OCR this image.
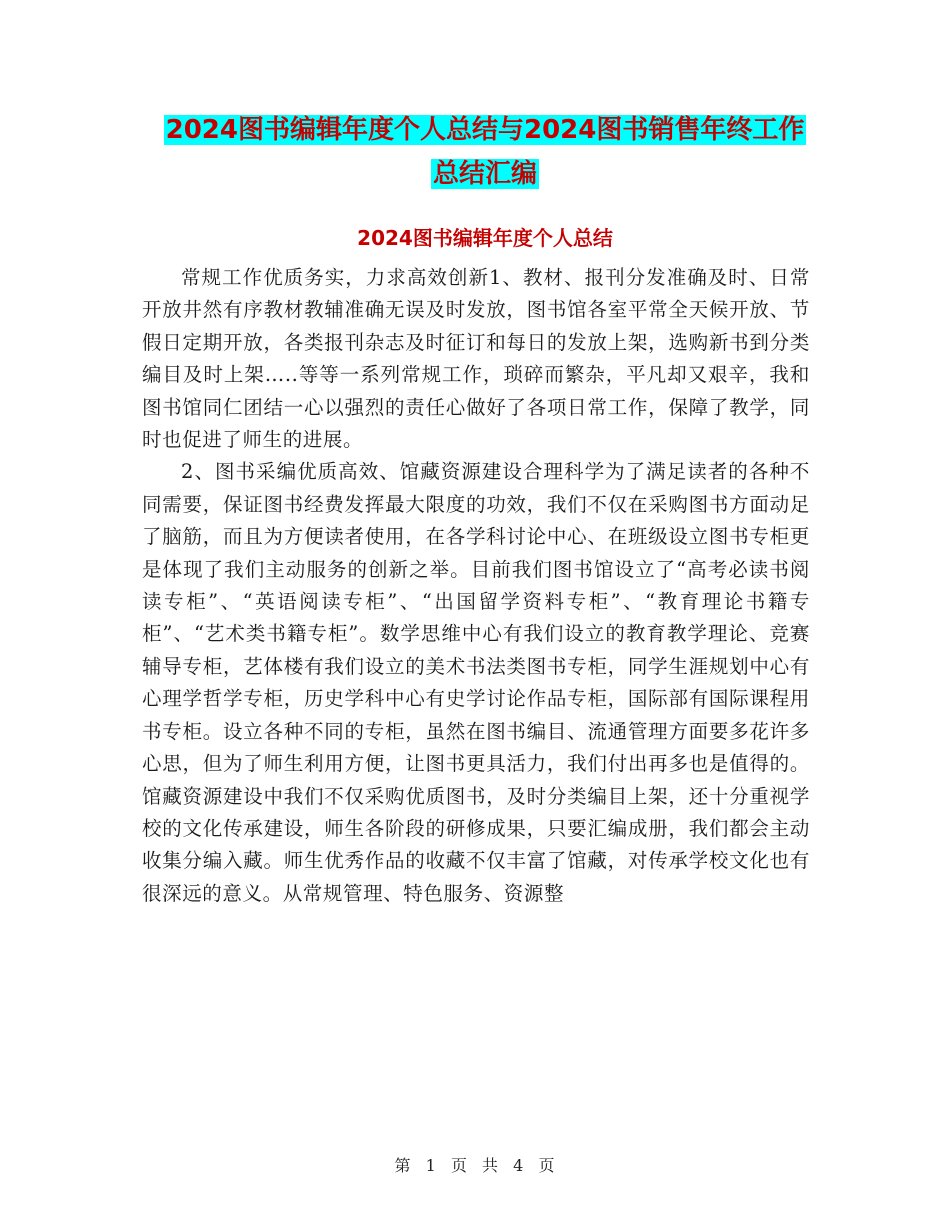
2024图书编辑年度个人总结与2024图书销售年终工作
总结汇编
2024图书编辑年度个人总结

常规工作优质务实，力求高效创新1、教材、报刊分发准确及时、日常开放井然有序教材教辅准确无误及时发放，图书馆各室平常全天候开放、节假日定期开放，各类报刊杂志及时征订和每日的发放上架，选购新书到分类编目及时上架…..等等一系列常规工作，琐碎而繁杂，平凡却又艰辛，我和图书馆同仁团结一心以强烈的责任心做好了各项日常工作，保障了教学，同时也促进了师生的进展。

2、图书采编优质高效、馆藏资源建设合理科学为了满足读者的各种不同需要，保证图书经费发挥最大限度的功效，我们不仅在采购图书方面动足了脑筋，而且为方便读者使用，在各学科讨论中心、在班级设立图书专柜更是体现了我们主动服务的创新之举。目前我们图书馆设立了“高考必读书阅读专柜”、“英语阅读专柜”、“出国留学资料专柜”、“教育理论书籍专柜”、“艺术类书籍专柜”。数学思维中心有我们设立的教育教学理论、竞赛辅导专柜，艺体楼有我们设立的美术书法类图书专柜，同学生涯规划中心有心理学哲学专柜，历史学科中心有史学讨论作品专柜，国际部有国际课程用书专柜。设立各种不同的专柜，虽然在图书编目、流通管理方面要多花许多心思，但为了师生利用方便，让图书更具活力，我们付出再多也是值得的。馆藏资源建设中我们不仅采购优质图书，及时分类编目上架，还十分重视学校的文化传承建设，师生各阶段的研修成果，只要汇编成册，我们都会主动收集分编入藏。师生优秀作品的收藏不仅丰富了馆藏，对传承学校文化也有很深远的意义。从常规管理、特色服务、资源整

第 1 页 共 4 页
